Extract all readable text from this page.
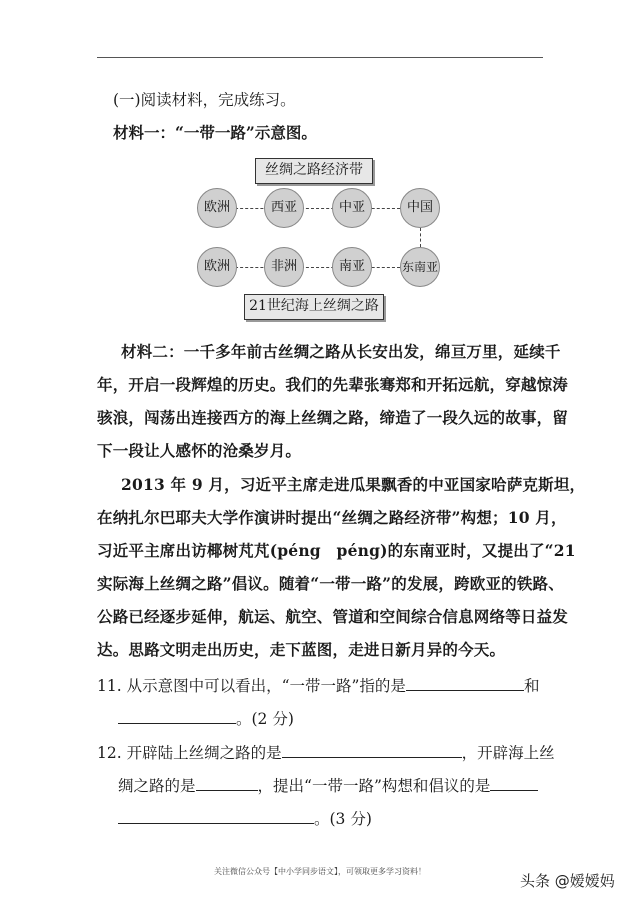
(一)阅读材料，完成练习。
材料一：“一带一路”示意图。
丝绸之路经济带
21世纪海上丝绸之路
欧洲	西亚	中亚	中国
欧洲	非洲	南亚	东南亚
材料二：一千多年前古丝绸之路从长安出发，绵亘万里，延续千
年，开启一段辉煌的历史。我们的先辈张骞郑和开拓远航，穿越惊涛
骇浪，闯荡出连接西方的海上丝绸之路，缔造了一段久远的故事，留
下一段让人感怀的沧桑岁月。
2013 年 9 月，习近平主席走进瓜果飘香的中亚国家哈萨克斯坦，
在纳扎尔巴耶夫大学作演讲时提出“丝绸之路经济带”构想；10 月，
习近平主席出访椰树芃芃(péng　péng)的东南亚时，又提出了“21
实际海上丝绸之路”倡议。随着“一带一路”的发展，跨欧亚的铁路、
公路已经逐步延伸，航运、航空、管道和空间综合信息网络等日益发
达。思路文明走出历史，走下蓝图，走进日新月异的今天。
11. 从示意图中可以看出，“一带一路”指的是	和
。(2 分)
12. 开辟陆上丝绸之路的是	，开辟海上丝
绸之路的是	，提出“一带一路”构想和倡议的是
。(3 分)
关注微信公众号【中小学同步语文】，可领取更多学习资料！
头条 @嫒嫒妈
